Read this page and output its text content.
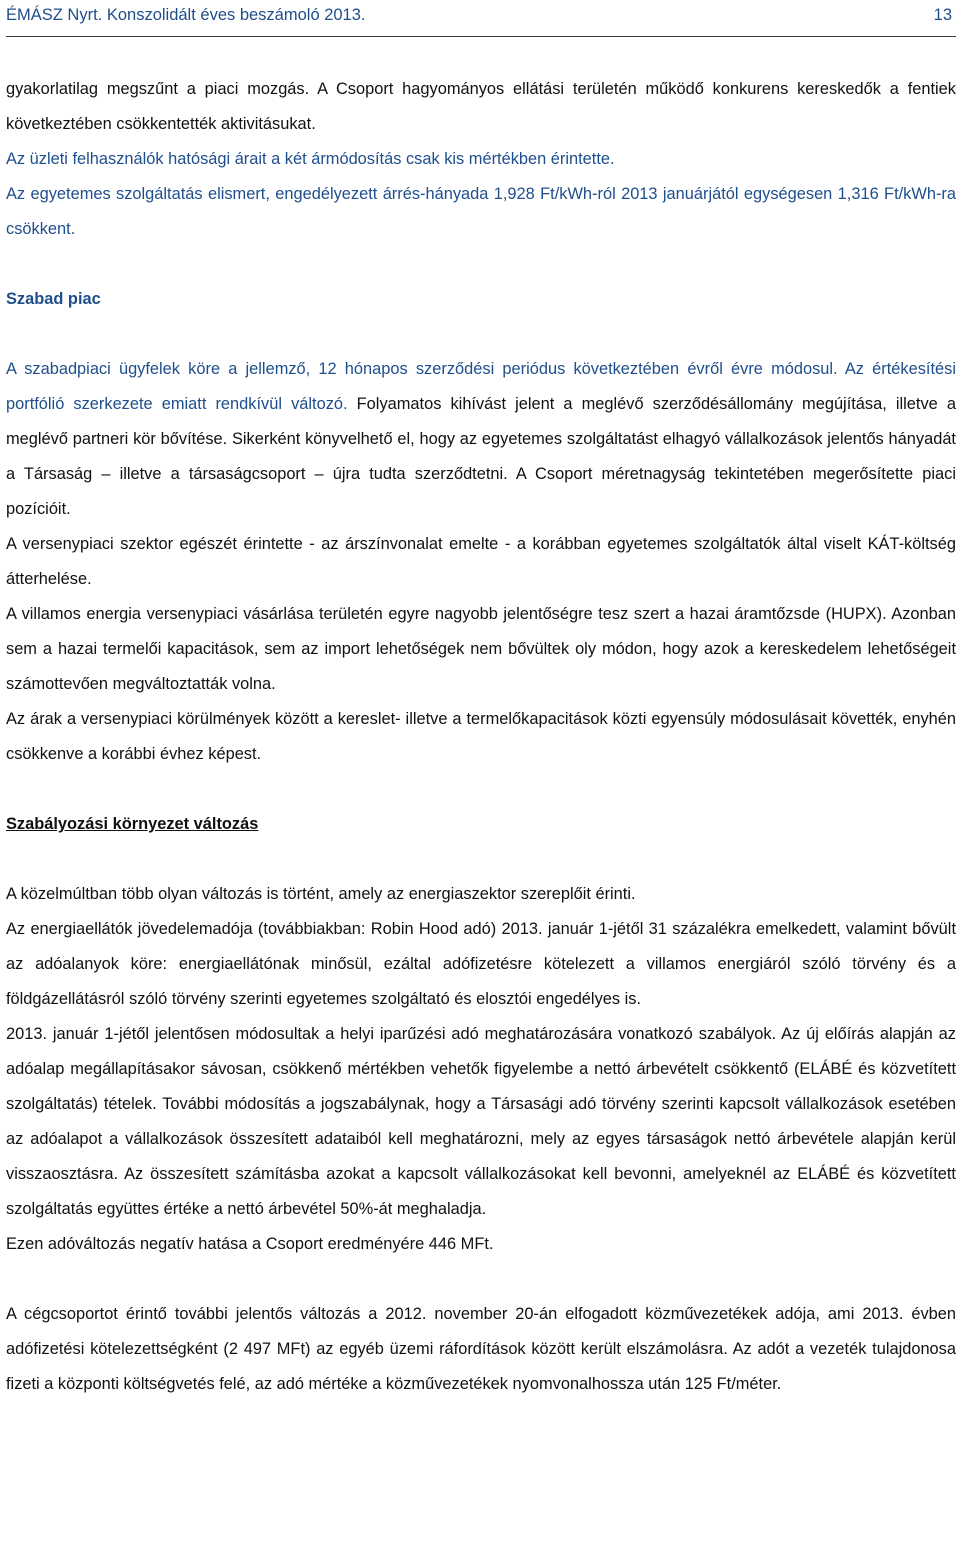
ÉMÁSZ Nyrt. Konszolidált éves beszámoló 2013.	13

gyakorlatilag megszűnt a piaci mozgás. A Csoport hagyományos ellátási területén működő konkurens kereskedők a fentiek következtében csökkentették aktivitásukat.

Az üzleti felhasználók hatósági árait a két ármódosítás csak kis mértékben érintette.

Az egyetemes szolgáltatás elismert, engedélyezett árrés-hányada 1,928 Ft/kWh-ról 2013 januárjától egységesen 1,316 Ft/kWh-ra csökkent.

Szabad piac

A szabadpiaci ügyfelek köre a jellemző, 12 hónapos szerződési periódus következtében évről évre módosul. Az értékesítési portfólió szerkezete emiatt rendkívül változó. Folyamatos kihívást jelent a meglévő szerződésállomány megújítása, illetve a meglévő partneri kör bővítése. Sikerként könyvelhető el, hogy az egyetemes szolgáltatást elhagyó vállalkozások jelentős hányadát a Társaság – illetve a társaságcsoport – újra tudta szerződtetni. A Csoport méretnagyság tekintetében megerősítette piaci pozícióit.

A versenypiaci szektor egészét érintette - az árszínvonalat emelte - a korábban egyetemes szolgáltatók által viselt KÁT-költség átterhelése.

A villamos energia versenypiaci vásárlása területén egyre nagyobb jelentőségre tesz szert a hazai áramtőzsde (HUPX). Azonban sem a hazai termelői kapacitások, sem az import lehetőségek nem bővültek oly módon, hogy azok a kereskedelem lehetőségeit számottevően megváltoztatták volna.

Az árak a versenypiaci körülmények között a kereslet- illetve a termelőkapacitások közti egyensúly módosulásait követték, enyhén csökkenve a korábbi évhez képest.

Szabályozási környezet változás

A közelmúltban több olyan változás is történt, amely az energiaszektor szereplőit érinti.

Az energiaellátók jövedelemadója (továbbiakban: Robin Hood adó) 2013. január 1-jétől 31 százalékra emelkedett, valamint bővült az adóalanyok köre: energiaellátónak minősül, ezáltal adófizetésre kötelezett a villamos energiáról szóló törvény és a földgázellátásról szóló törvény szerinti egyetemes szolgáltató és elosztói engedélyes is.

2013. január 1-jétől jelentősen módosultak a helyi iparűzési adó meghatározására vonatkozó szabályok. Az új előírás alapján az adóalap megállapításakor sávosan, csökkenő mértékben vehetők figyelembe a nettó árbevételt csökkentő (ELÁBÉ és közvetített szolgáltatás) tételek. További módosítás a jogszabálynak, hogy a Társasági adó törvény szerinti kapcsolt vállalkozások esetében az adóalapot a vállalkozások összesített adataiból kell meghatározni, mely az egyes társaságok nettó árbevétele alapján kerül visszaosztásra. Az összesített számításba azokat a kapcsolt vállalkozásokat kell bevonni, amelyeknél az ELÁBÉ és közvetített szolgáltatás együttes értéke a nettó árbevétel 50%-át meghaladja.

Ezen adóváltozás negatív hatása a Csoport eredményére 446 MFt.

A cégcsoportot érintő további jelentős változás a 2012. november 20-án elfogadott közművezetékek adója, ami 2013. évben adófizetési kötelezettségként (2 497 MFt) az egyéb üzemi ráfordítások között került elszámolásra. Az adót a vezeték tulajdonosa fizeti a központi költségvetés felé, az adó mértéke a közművezetékek nyomvonalhossza után 125 Ft/méter.
